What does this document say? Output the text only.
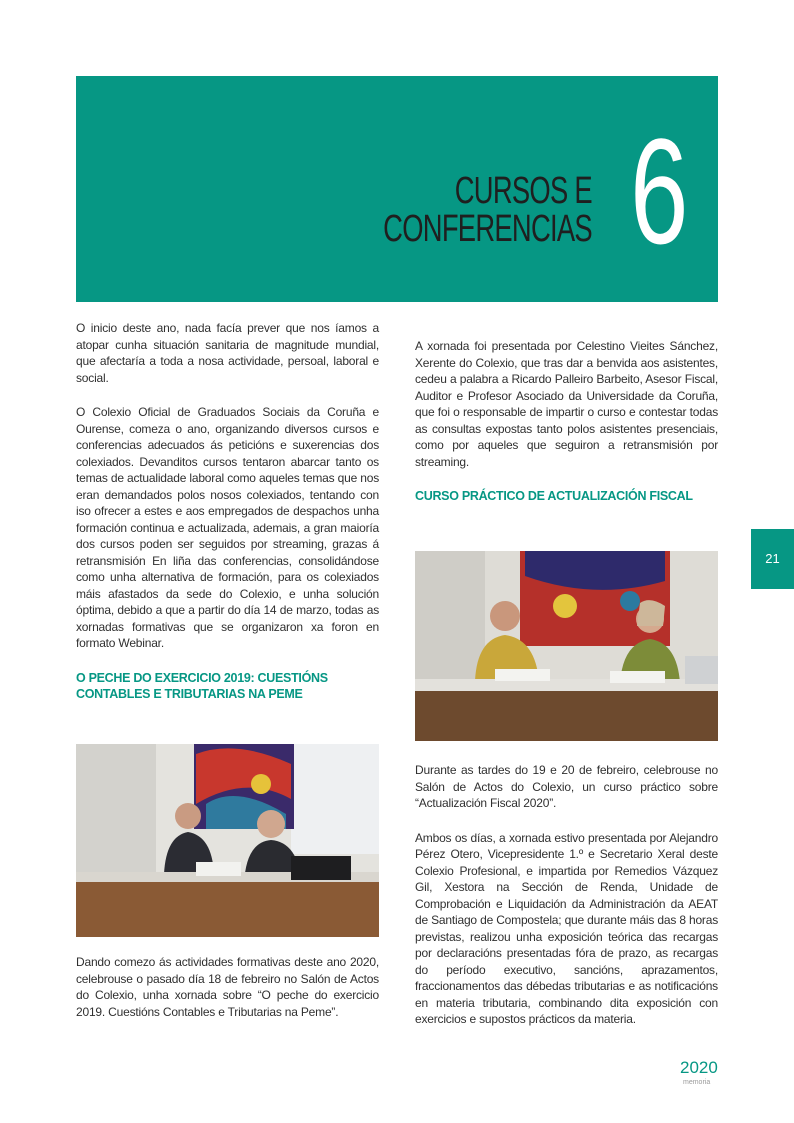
CURSOS E
CONFERENCIAS 6
21

O inicio deste ano, nada facía prever que nos íamos a atopar cunha situación sanitaria de magnitude mundial, que afectaría a toda a nosa actividade, persoal, laboral e social.

O Colexio Oficial de Graduados Sociais da Coruña e Ourense, comeza o ano, organizando diversos cursos e conferencias adecuados ás peticións e suxerencias dos colexiados. Devanditos cursos tentaron abarcar tanto os temas de actualidade laboral como aqueles temas que nos eran demandados polos nosos colexiados, tentando con iso ofrecer a estes e aos empregados de despachos unha formación continua e actualizada, ademais, a gran maioría dos cursos poden ser seguidos por streaming, grazas á retransmisión En liña das conferencias, consolidándose como unha alternativa de formación, para os colexiados máis afastados da sede do Colexio, e unha solución óptima, debido a que a partir do día 14 de marzo, todas as xornadas formativas que se organizaron xa foron en formato Webinar.

O PECHE DO EXERCICIO 2019: CUESTIÓNS CONTABLES E TRIBUTARIAS NA PEME

Dando comezo ás actividades formativas deste ano 2020, celebrouse o pasado día 18 de febreiro no Salón de Actos do Colexio, unha xornada sobre “O peche do exercicio 2019. Cuestións Contables e Tributarias na Peme”.

A xornada foi presentada por Celestino Vieites Sánchez, Xerente do Colexio, que tras dar a benvida aos asistentes, cedeu a palabra a Ricardo Palleiro Barbeito, Asesor Fiscal, Auditor e Profesor Asociado da Universidade da Coruña, que foi o responsable de impartir o curso e contestar todas as consultas expostas tanto polos asistentes presenciais, como por aqueles que seguiron a retransmisión por streaming.

CURSO PRÁCTICO DE ACTUALIZACIÓN FISCAL

Durante as tardes do 19 e 20 de febreiro, celebrouse no Salón de Actos do Colexio, un curso práctico sobre “Actualización Fiscal 2020”.

Ambos os días, a xornada estivo presentada por Alejandro Pérez Otero, Vicepresidente 1.º e Secretario Xeral deste Colexio Profesional, e impartida por Remedios Vázquez Gil, Xestora na Sección de Renda, Unidade de Comprobación e Liquidación da Administración da AEAT de Santiago de Compostela; que durante máis das 8 horas previstas, realizou unha exposición teórica das recargas por declaracións presentadas fóra de prazo, as recargas do período executivo, sancións, aprazamentos, fraccionamentos das débedas tributarias e as notificacións en materia tributaria, combinando dita exposición con exercicios e supostos prácticos da materia.

2020
memoria
